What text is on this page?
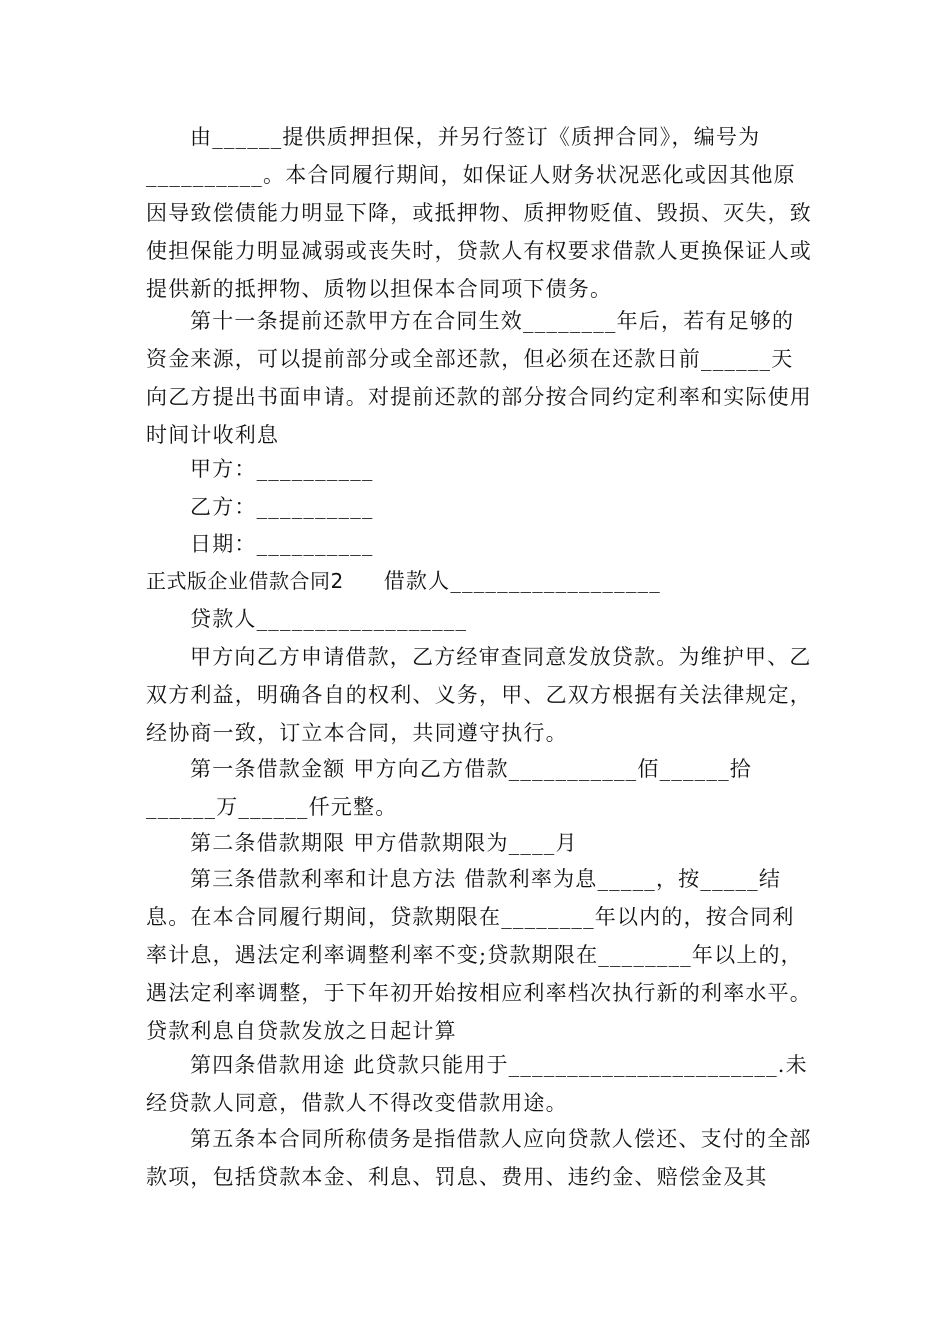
由______提供质押担保，并另行签订《质押合同》，编号为__________。本合同履行期间，如保证人财务状况恶化或因其他原因导致偿债能力明显下降，或抵押物、质押物贬值、毁损、灭失，致使担保能力明显减弱或丧失时，贷款人有权要求借款人更换保证人或提供新的抵押物、质物以担保本合同项下债务。

第十一条提前还款甲方在合同生效________年后，若有足够的资金来源，可以提前部分或全部还款，但必须在还款日前______天向乙方提出书面申请。对提前还款的部分按合同约定利率和实际使用时间计收利息

甲方：__________

乙方：__________

日期：__________

正式版企业借款合同2 借款人__________________

贷款人__________________

甲方向乙方申请借款，乙方经审查同意发放贷款。为维护甲、乙双方利益，明确各自的权利、义务，甲、乙双方根据有关法律规定，经协商一致，订立本合同，共同遵守执行。

第一条借款金额 甲方向乙方借款___________佰______拾______万______仟元整。

第二条借款期限 甲方借款期限为____月

第三条借款利率和计息方法 借款利率为息_____，按_____结息。在本合同履行期间，贷款期限在________年以内的，按合同利率计息，遇法定利率调整利率不变;贷款期限在________年以上的，遇法定利率调整，于下年初开始按相应利率档次执行新的利率水平。贷款利息自贷款发放之日起计算

第四条借款用途 此贷款只能用于_______________________.未经贷款人同意，借款人不得改变借款用途。

第五条本合同所称债务是指借款人应向贷款人偿还、支付的全部款项，包括贷款本金、利息、罚息、费用、违约金、赔偿金及其
